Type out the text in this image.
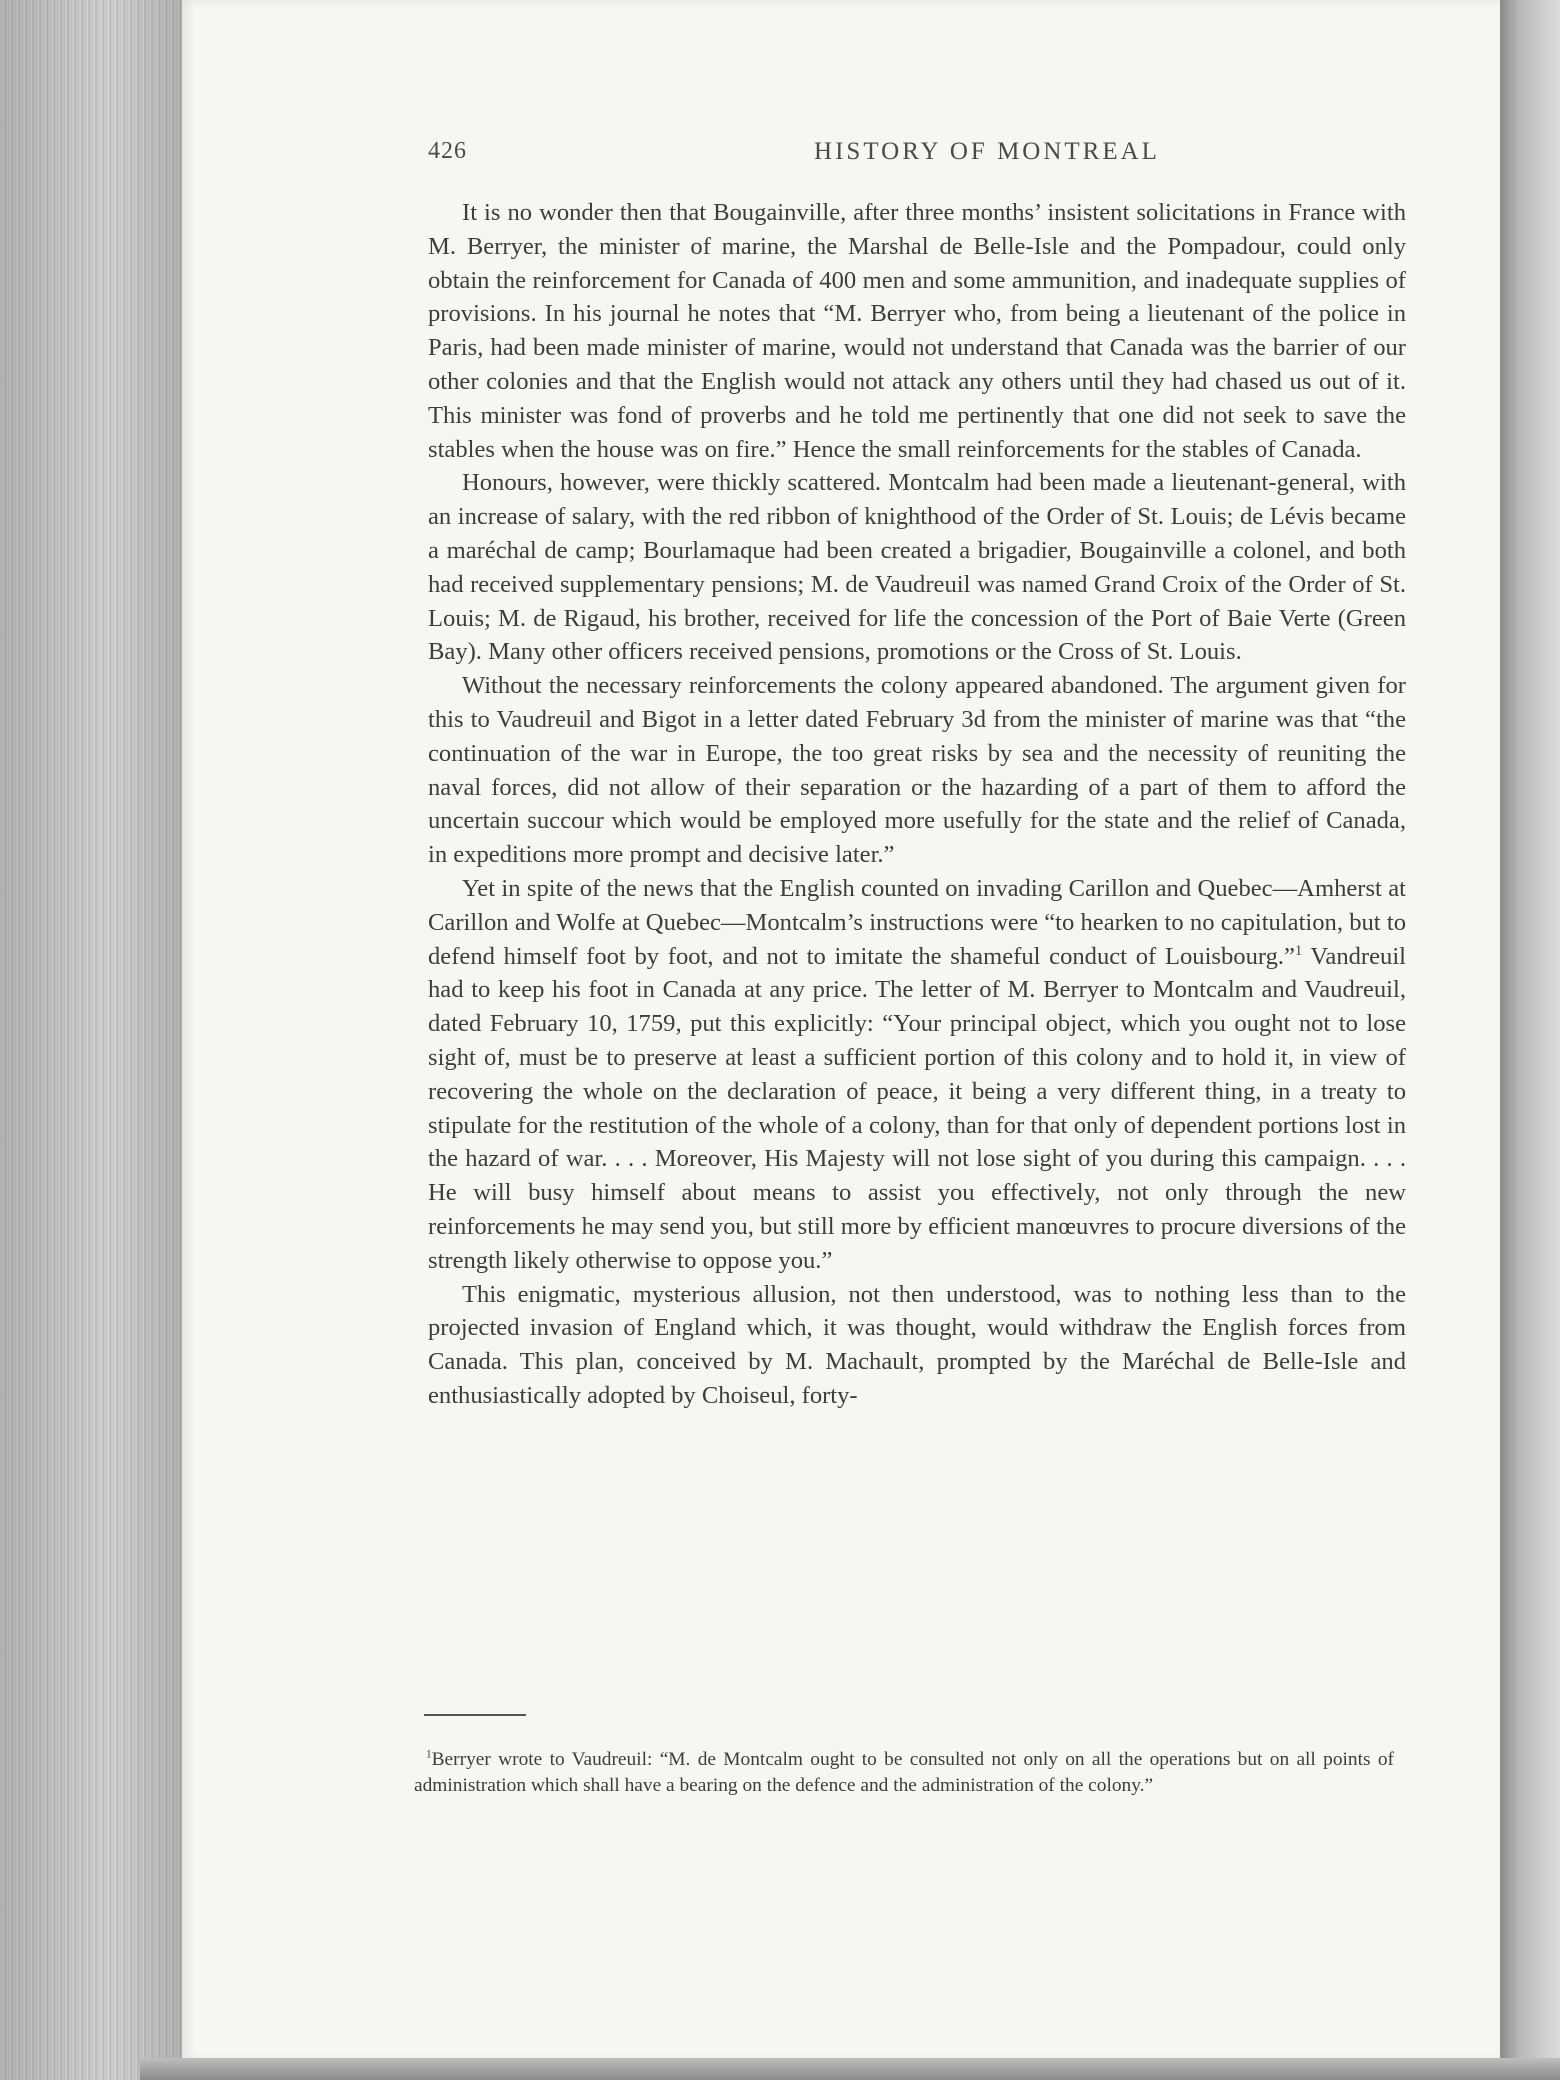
426	HISTORY OF MONTREAL

It is no wonder then that Bougainville, after three months’ insistent solicitations in France with M. Berryer, the minister of marine, the Marshal de Belle-Isle and the Pompadour, could only obtain the reinforcement for Canada of 400 men and some ammunition, and inadequate supplies of provisions. In his journal he notes that “M. Berryer who, from being a lieutenant of the police in Paris, had been made minister of marine, would not understand that Canada was the barrier of our other colonies and that the English would not attack any others until they had chased us out of it. This minister was fond of proverbs and he told me pertinently that one did not seek to save the stables when the house was on fire.” Hence the small reinforcements for the stables of Canada.

Honours, however, were thickly scattered. Montcalm had been made a lieutenant-general, with an increase of salary, with the red ribbon of knighthood of the Order of St. Louis; de Lévis became a maréchal de camp; Bourlamaque had been created a brigadier, Bougainville a colonel, and both had received supplementary pensions; M. de Vaudreuil was named Grand Croix of the Order of St. Louis; M. de Rigaud, his brother, received for life the concession of the Port of Baie Verte (Green Bay). Many other officers received pensions, promotions or the Cross of St. Louis.

Without the necessary reinforcements the colony appeared abandoned. The argument given for this to Vaudreuil and Bigot in a letter dated February 3d from the minister of marine was that “the continuation of the war in Europe, the too great risks by sea and the necessity of reuniting the naval forces, did not allow of their separation or the hazarding of a part of them to afford the uncertain succour which would be employed more usefully for the state and the relief of Canada, in expeditions more prompt and decisive later.”

Yet in spite of the news that the English counted on invading Carillon and Quebec—Amherst at Carillon and Wolfe at Quebec—Montcalm’s instructions were “to hearken to no capitulation, but to defend himself foot by foot, and not to imitate the shameful conduct of Louisbourg.”$^1$ Vandreuil had to keep his foot in Canada at any price. The letter of M. Berryer to Montcalm and Vaudreuil, dated February 10, 1759, put this explicitly: “Your principal object, which you ought not to lose sight of, must be to preserve at least a sufficient portion of this colony and to hold it, in view of recovering the whole on the declaration of peace, it being a very different thing, in a treaty to stipulate for the restitution of the whole of a colony, than for that only of dependent portions lost in the hazard of war. . . . Moreover, His Majesty will not lose sight of you during this campaign. . . . He will busy himself about means to assist you effectively, not only through the new reinforcements he may send you, but still more by efficient manœuvres to procure diversions of the strength likely otherwise to oppose you.”

This enigmatic, mysterious allusion, not then understood, was to nothing less than to the projected invasion of England which, it was thought, would withdraw the English forces from Canada. This plan, conceived by M. Machault, prompted by the Maréchal de Belle-Isle and enthusiastically adopted by Choiseul, forty-

$^1$Berryer wrote to Vaudreuil: “M. de Montcalm ought to be consulted not only on all the operations but on all points of administration which shall have a bearing on the defence and the administration of the colony.”
